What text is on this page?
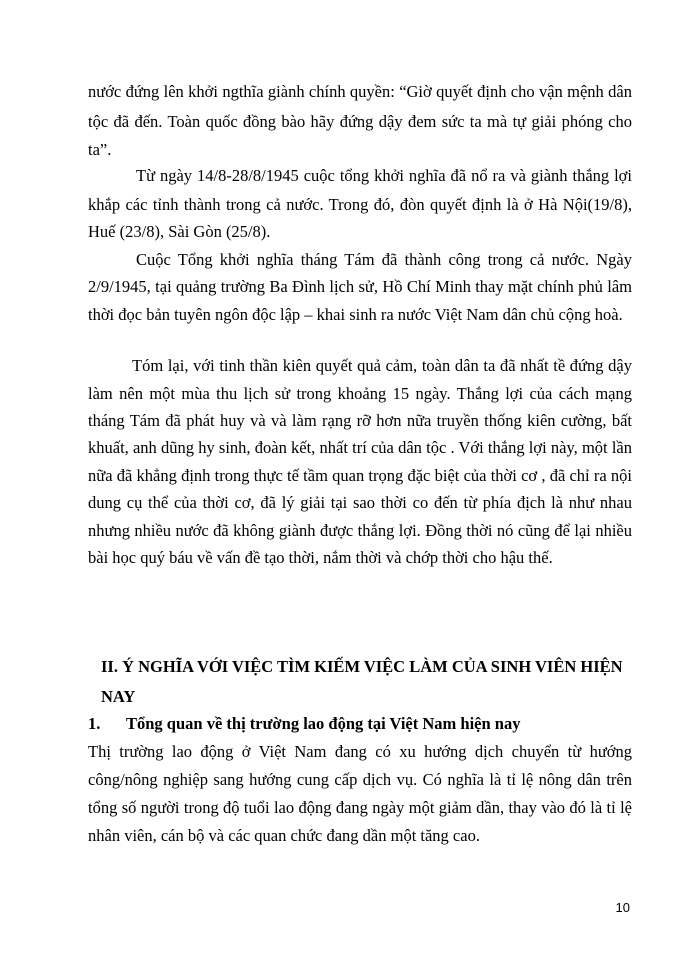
nước đứng lên khởi ngthĩa giành chính quyền: “Giờ quyết định cho vận mệnh dân
tộc đã đến. Toàn quốc đồng bào hãy đứng dậy đem sức ta mà tự giải phóng cho
ta”.
Từ ngày 14/8-28/8/1945 cuộc tổng khởi nghĩa đã nổ ra và giành thắng lợi
khắp các tỉnh thành trong cả nước. Trong đó, đòn quyết định là ở Hà Nội(19/8),
Huế (23/8), Sài Gòn (25/8).
Cuộc Tổng khởi nghĩa tháng Tám đã thành công trong cả nước. Ngày
2/9/1945, tại quảng trường Ba Đình lịch sử, Hồ Chí Minh thay mặt chính phủ lâm
thời đọc bản tuyên ngôn độc lập – khai sinh ra nước Việt Nam dân chủ cộng hoà.
Tóm lại, với tinh thần kiên quyết quả cảm, toàn dân ta đã nhất tề đứng dậy
làm nên một mùa thu lịch sử trong khoảng 15 ngày. Thắng lợi của cách mạng
tháng Tám đã phát huy và và làm rạng rỡ hơn nữa truyền thống kiên cường, bất
khuất, anh dũng hy sinh, đoàn kết, nhất trí của dân tộc . Với thắng lợi này, một lần
nữa đã khẳng định trong thực tế tầm quan trọng đặc biệt của thời cơ , đã chỉ ra nội
dung cụ thể của thời cơ, đã lý giải tại sao thời co đến từ phía địch là như nhau
nhưng nhiều nước đã không giành được thắng lợi. Đồng thời nó cũng để lại nhiều
bài học quý báu về vấn đề tạo thời, nắm thời và chớp thời cho hậu thế.
II. Ý NGHĨA VỚI VIỆC TÌM KIẾM VIỆC LÀM CỦA SINH VIÊN HIỆN
NAY
1. Tổng quan về thị trường lao động tại Việt Nam hiện nay
Thị trường lao động ở Việt Nam đang có xu hướng dịch chuyển từ hướng
công/nông nghiệp sang hướng cung cấp dịch vụ. Có nghĩa là tỉ lệ nông dân trên
tổng số người trong độ tuổi lao động đang ngày một giảm dần, thay vào đó là tỉ lệ
nhân viên, cán bộ và các quan chức đang dần một tăng cao.
10
